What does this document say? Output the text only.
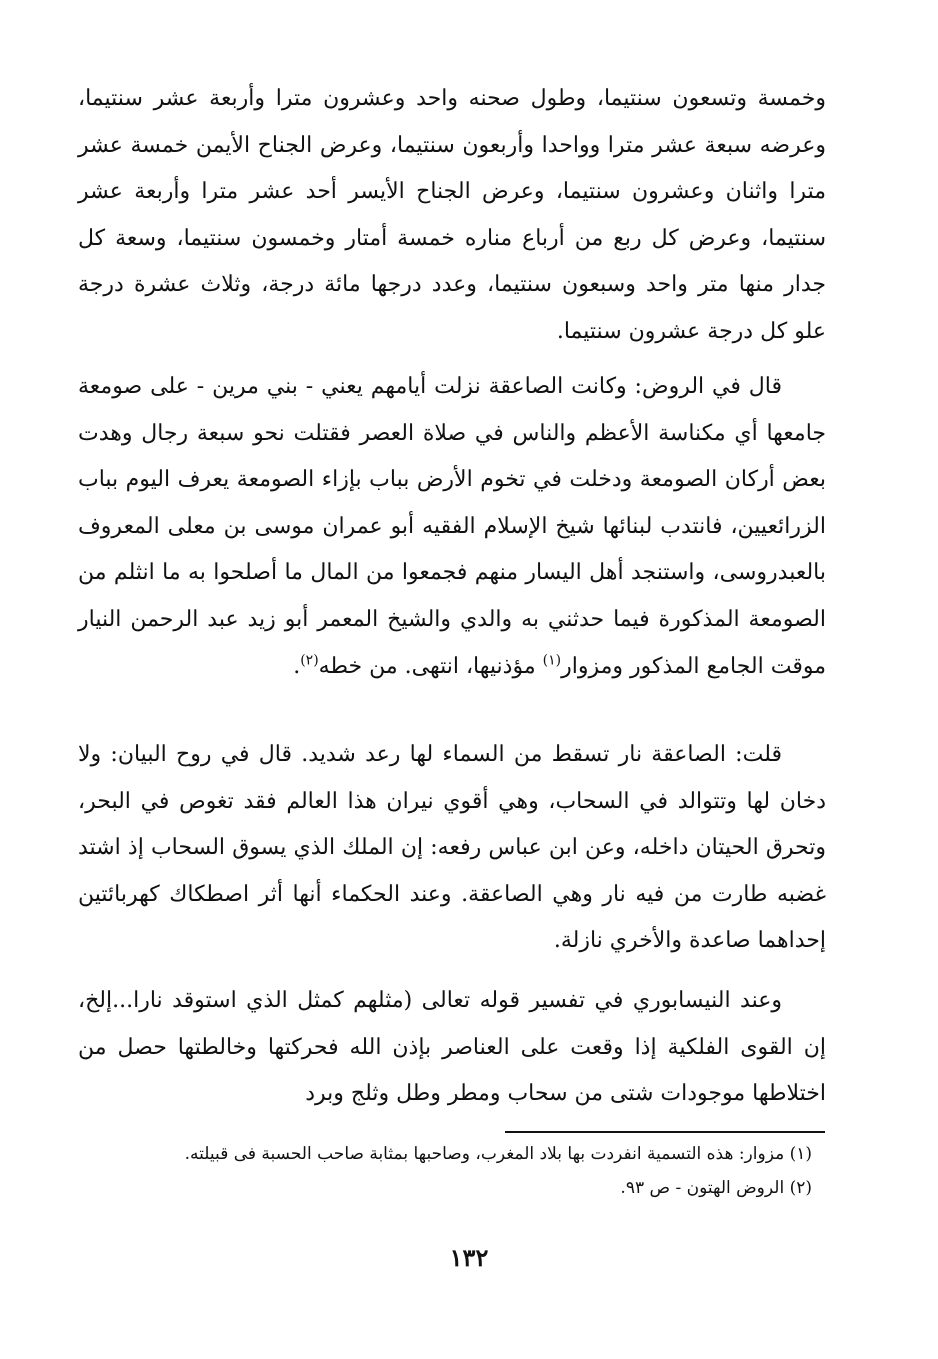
وخمسة وتسعون سنتيما، وطول صحنه واحد وعشرون مترا وأربعة عشر سنتيما، وعرضه سبعة عشر مترا وواحدا وأربعون سنتيما، وعرض الجناح الأيمن خمسة عشر مترا واثنان وعشرون سنتيما، وعرض الجناح الأيسر أحد عشر مترا وأربعة عشر سنتيما، وعرض كل ربع من أرباع مناره خمسة أمتار وخمسون سنتيما، وسعة كل جدار منها متر واحد وسبعون سنتيما، وعدد درجها مائة درجة، وثلاث عشرة درجة علو كل درجة عشرون سنتيما.
قال في الروض: وكانت الصاعقة نزلت أيامهم يعني - بني مرين - على صومعة جامعها أي مكناسة الأعظم والناس في صلاة العصر فقتلت نحو سبعة رجال وهدت بعض أركان الصومعة ودخلت في تخوم الأرض بباب بإزاء الصومعة يعرف اليوم بباب الزرائعيين، فانتدب لبنائها شيخ الإسلام الفقيه أبو عمران موسى بن معلى المعروف بالعبدروسى، واستنجد أهل اليسار منهم فجمعوا من المال ما أصلحوا به ما انثلم من الصومعة المذكورة فيما حدثني به والدي والشيخ المعمر أبو زيد عبد الرحمن النيار موقت الجامع المذكور ومزوار$^{(١)}$ مؤذنيها، انتهى. من خطه$^{(٢)}$.
قلت: الصاعقة نار تسقط من السماء لها رعد شديد. قال في روح البيان: ولا دخان لها وتتوالد في السحاب، وهي أقوي نيران هذا العالم فقد تغوص في البحر، وتحرق الحيتان داخله، وعن ابن عباس رفعه: إن الملك الذي يسوق السحاب إذ اشتد غضبه طارت من فيه نار وهي الصاعقة. وعند الحكماء أنها أثر اصطكاك كهربائتين إحداهما صاعدة والأخري نازلة.
وعند النيسابوري في تفسير قوله تعالى (مثلهم كمثل الذي استوقد نارا...إلخ، إن القوى الفلكية إذا وقعت على العناصر بإذن الله فحركتها وخالطتها حصل من اختلاطها موجودات شتى من سحاب ومطر وطل وثلج وبرد
(١) مزوار: هذه التسمية انفردت بها بلاد المغرب، وصاحبها بمثابة صاحب الحسبة فى قبيلته.
(٢) الروض الهتون - ص ٩٣.
١٣٢
